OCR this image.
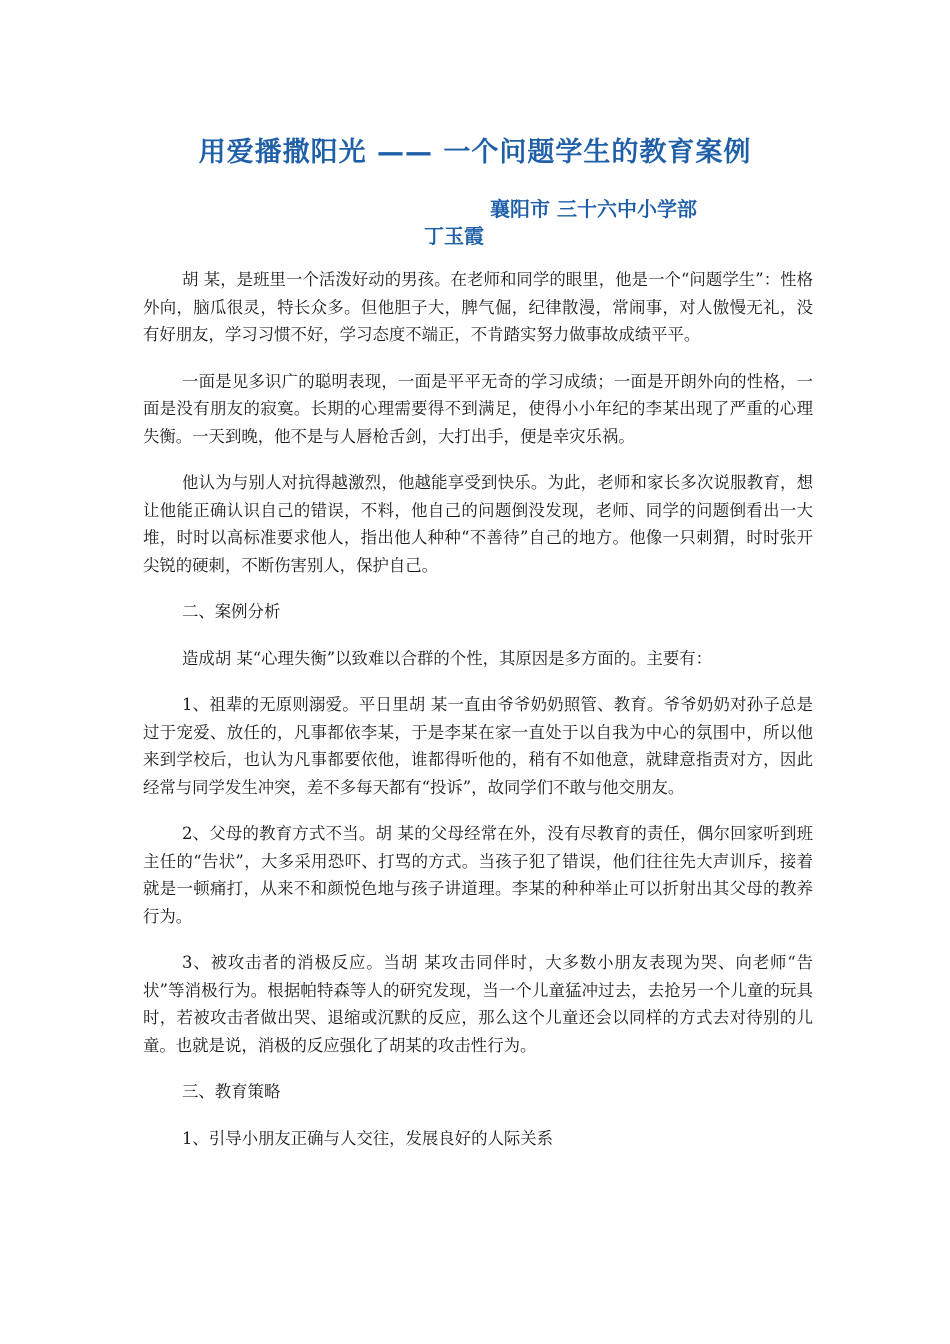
用爱播撒阳光 —— 一个问题学生的教育案例
襄阳市 三十六中小学部
丁玉霞

胡 某，是班里一个活泼好动的男孩。在老师和同学的眼里，他是一个“问题学生”：性格外向，脑瓜很灵，特长众多。但他胆子大，脾气倔，纪律散漫，常闹事，对人傲慢无礼，没有好朋友，学习习惯不好，学习态度不端正，不肯踏实努力做事故成绩平平。

一面是见多识广的聪明表现，一面是平平无奇的学习成绩；一面是开朗外向的性格，一面是没有朋友的寂寞。长期的心理需要得不到满足，使得小小年纪的李某出现了严重的心理失衡。一天到晚，他不是与人唇枪舌剑，大打出手，便是幸灾乐祸。

他认为与别人对抗得越激烈，他越能享受到快乐。为此，老师和家长多次说服教育，想让他能正确认识自己的错误，不料，他自己的问题倒没发现，老师、同学的问题倒看出一大堆，时时以高标准要求他人，指出他人种种“不善待”自己的地方。他像一只刺猬，时时张开尖锐的硬刺，不断伤害别人，保护自己。

二、案例分析

造成胡 某“心理失衡”以致难以合群的个性，其原因是多方面的。主要有：

1、祖辈的无原则溺爱。平日里胡 某一直由爷爷奶奶照管、教育。爷爷奶奶对孙子总是过于宠爱、放任的，凡事都依李某，于是李某在家一直处于以自我为中心的氛围中，所以他来到学校后，也认为凡事都要依他，谁都得听他的，稍有不如他意，就肆意指责对方，因此经常与同学发生冲突，差不多每天都有“投诉”，故同学们不敢与他交朋友。

2、父母的教育方式不当。胡 某的父母经常在外，没有尽教育的责任，偶尔回家听到班主任的“告状”，大多采用恐吓、打骂的方式。当孩子犯了错误，他们往往先大声训斥，接着就是一顿痛打，从来不和颜悦色地与孩子讲道理。李某的种种举止可以折射出其父母的教养行为。

3、被攻击者的消极反应。当胡 某攻击同伴时，大多数小朋友表现为哭、向老师“告状”等消极行为。根据帕特森等人的研究发现，当一个儿童猛冲过去，去抢另一个儿童的玩具时，若被攻击者做出哭、退缩或沉默的反应，那么这个儿童还会以同样的方式去对待别的儿童。也就是说，消极的反应强化了胡某的攻击性行为。

三、教育策略

1、引导小朋友正确与人交往，发展良好的人际关系
